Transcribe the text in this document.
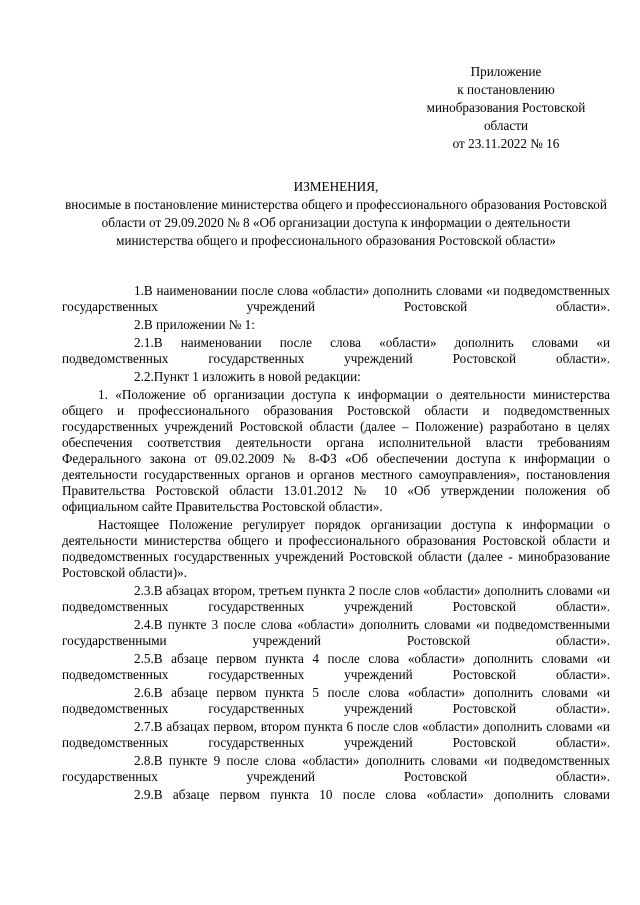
Приложение
к постановлению
минобразования Ростовской
области
от 23.11.2022 № 16
ИЗМЕНЕНИЯ,
вносимые в постановление министерства общего и профессионального образования Ростовской области от 29.09.2020 № 8 «Об организации доступа к информации о деятельности министерства общего и профессионального образования Ростовской области»

1.В наименовании после слова «области» дополнить словами «и подведомственных государственных учреждений Ростовской области».

2.В приложении № 1:

2.1.В наименовании после слова «области» дополнить словами «и подведомственных государственных учреждений Ростовской области».

2.2.Пункт 1 изложить в новой редакции:

1. «Положение об организации доступа к информации о деятельности министерства общего и профессионального образования Ростовской области и подведомственных государственных учреждений Ростовской области (далее – Положение) разработано в целях обеспечения соответствия деятельности органа исполнительной власти требованиям Федерального закона от 09.02.2009 № 8-ФЗ «Об обеспечении доступа к информации о деятельности государственных органов и органов местного самоуправления», постановления Правительства Ростовской области 13.01.2012 № 10 «Об утверждении положения об официальном сайте Правительства Ростовской области».

Настоящее Положение регулирует порядок организации доступа к информации о деятельности министерства общего и профессионального образования Ростовской области и подведомственных государственных учреждений Ростовской области (далее - минобразование Ростовской области)».

2.3.В абзацах втором, третьем пункта 2 после слов «области» дополнить словами «и подведомственных государственных учреждений Ростовской области».

2.4.В пункте 3 после слова «области» дополнить словами «и подведомственными государственными учреждений Ростовской области».

2.5.В абзаце первом пункта 4 после слова «области» дополнить словами «и подведомственных государственных учреждений Ростовской области».

2.6.В абзаце первом пункта 5 после слова «области» дополнить словами «и подведомственных государственных учреждений Ростовской области».

2.7.В абзацах первом, втором пункта 6 после слов «области» дополнить словами «и подведомственных государственных учреждений Ростовской области».

2.8.В пункте 9 после слова «области» дополнить словами «и подведомственных государственных учреждений Ростовской области».

2.9.В абзаце первом пункта 10 после слова «области» дополнить словами
